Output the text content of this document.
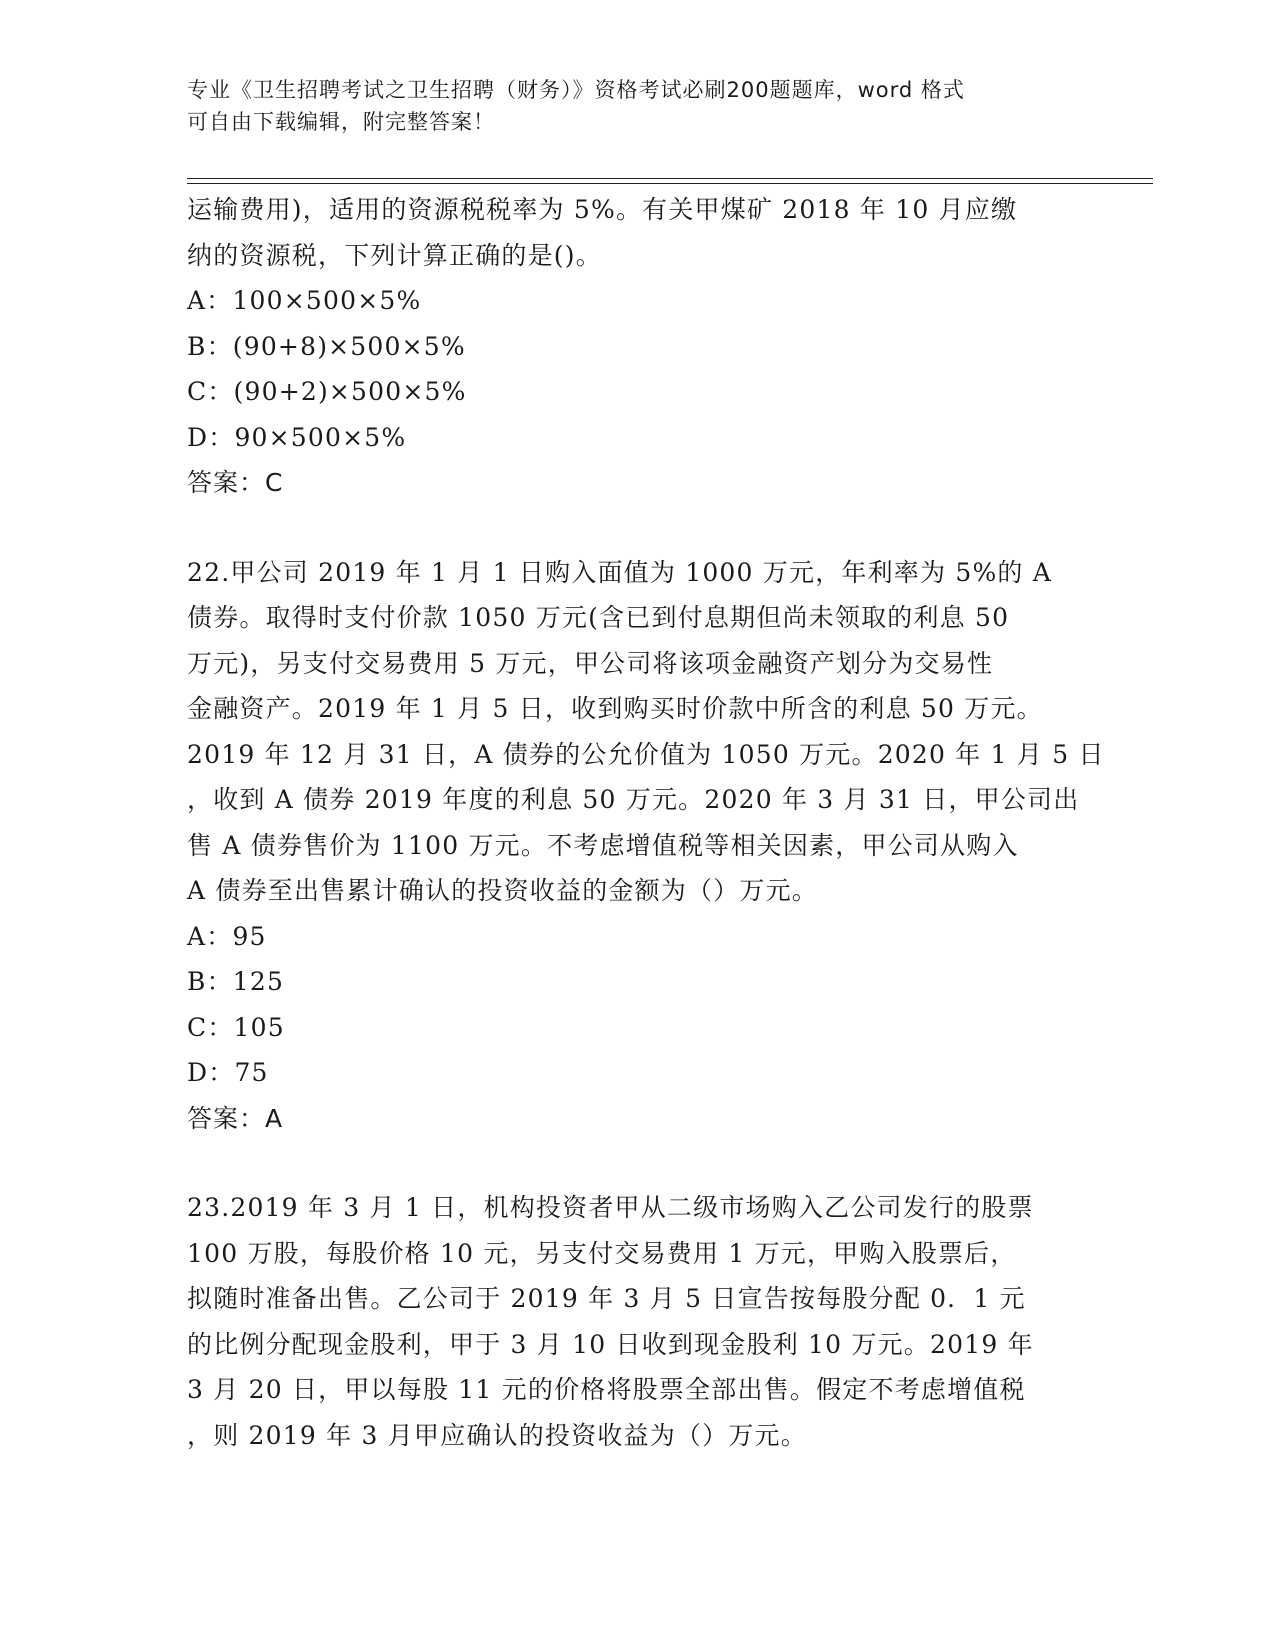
专业《卫生招聘考试之卫生招聘（财务）》资格考试必刷200题题库，word 格式
可自由下载编辑，附完整答案！
运输费用)，适用的资源税税率为 5%。有关甲煤矿 2018 年 10 月应缴
纳的资源税，下列计算正确的是()。
A：100×500×5%
B：(90+8)×500×5%
C：(90+2)×500×5%
D：90×500×5%
答案：C
22.甲公司 2019 年 1 月 1 日购入面值为 1000 万元，年利率为 5%的 A
债券。取得时支付价款 1050 万元(含已到付息期但尚未领取的利息 50
万元)，另支付交易费用 5 万元，甲公司将该项金融资产划分为交易性
金融资产。2019 年 1 月 5 日，收到购买时价款中所含的利息 50 万元。
2019 年 12 月 31 日，A 债券的公允价值为 1050 万元。2020 年 1 月 5 日
，收到 A 债券 2019 年度的利息 50 万元。2020 年 3 月 31 日，甲公司出
售 A 债券售价为 1100 万元。不考虑增值税等相关因素，甲公司从购入
A 债券至出售累计确认的投资收益的金额为（）万元。
A：95
B：125
C：105
D：75
答案：A
23.2019 年 3 月 1 日，机构投资者甲从二级市场购入乙公司发行的股票
100 万股，每股价格 10 元，另支付交易费用 1 万元，甲购入股票后，
拟随时准备出售。乙公司于 2019 年 3 月 5 日宣告按每股分配 0．1 元
的比例分配现金股利，甲于 3 月 10 日收到现金股利 10 万元。2019 年
3 月 20 日，甲以每股 11 元的价格将股票全部出售。假定不考虑增值税
，则 2019 年 3 月甲应确认的投资收益为（）万元。
